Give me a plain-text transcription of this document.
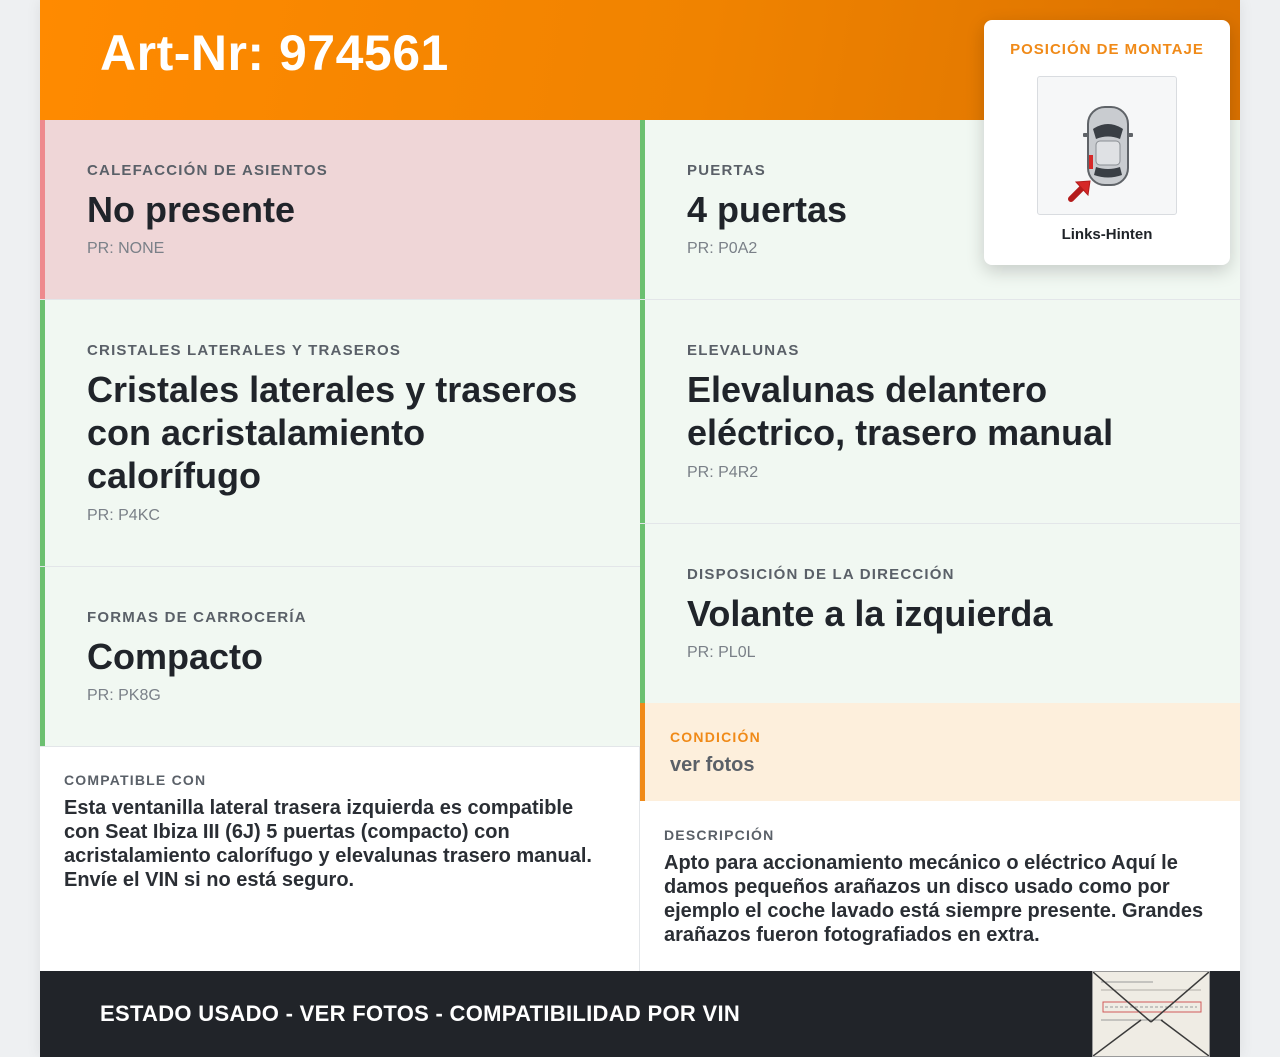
Art-Nr: 974561
CALEFACCIÓN DE ASIENTOS
No presente
PR: NONE
CRISTALES LATERALES Y TRASEROS
Cristales laterales y traseros con acristalamiento calorífugo
PR: P4KC
FORMAS DE CARROCERÍA
Compacto
PR: PK8G
PUERTAS
4 puertas
PR: P0A2
ELEVALUNAS
Elevalunas delantero eléctrico, trasero manual
PR: P4R2
DISPOSICIÓN DE LA DIRECCIÓN
Volante a la izquierda
PR: PL0L
CONDICIÓN
ver fotos
COMPATIBLE CON
Esta ventanilla lateral trasera izquierda es compatible con Seat Ibiza III (6J) 5 puertas (compacto) con acristalamiento calorífugo y elevalunas trasero manual. Envíe el VIN si no está seguro.
DESCRIPCIÓN
Apto para accionamiento mecánico o eléctrico Aquí le damos pequeños arañazos un disco usado como por ejemplo el coche lavado está siempre presente. Grandes arañazos fueron fotografiados en extra.
POSICIÓN DE MONTAJE
Links-Hinten
ESTADO USADO - VER FOTOS - COMPATIBILIDAD POR VIN
